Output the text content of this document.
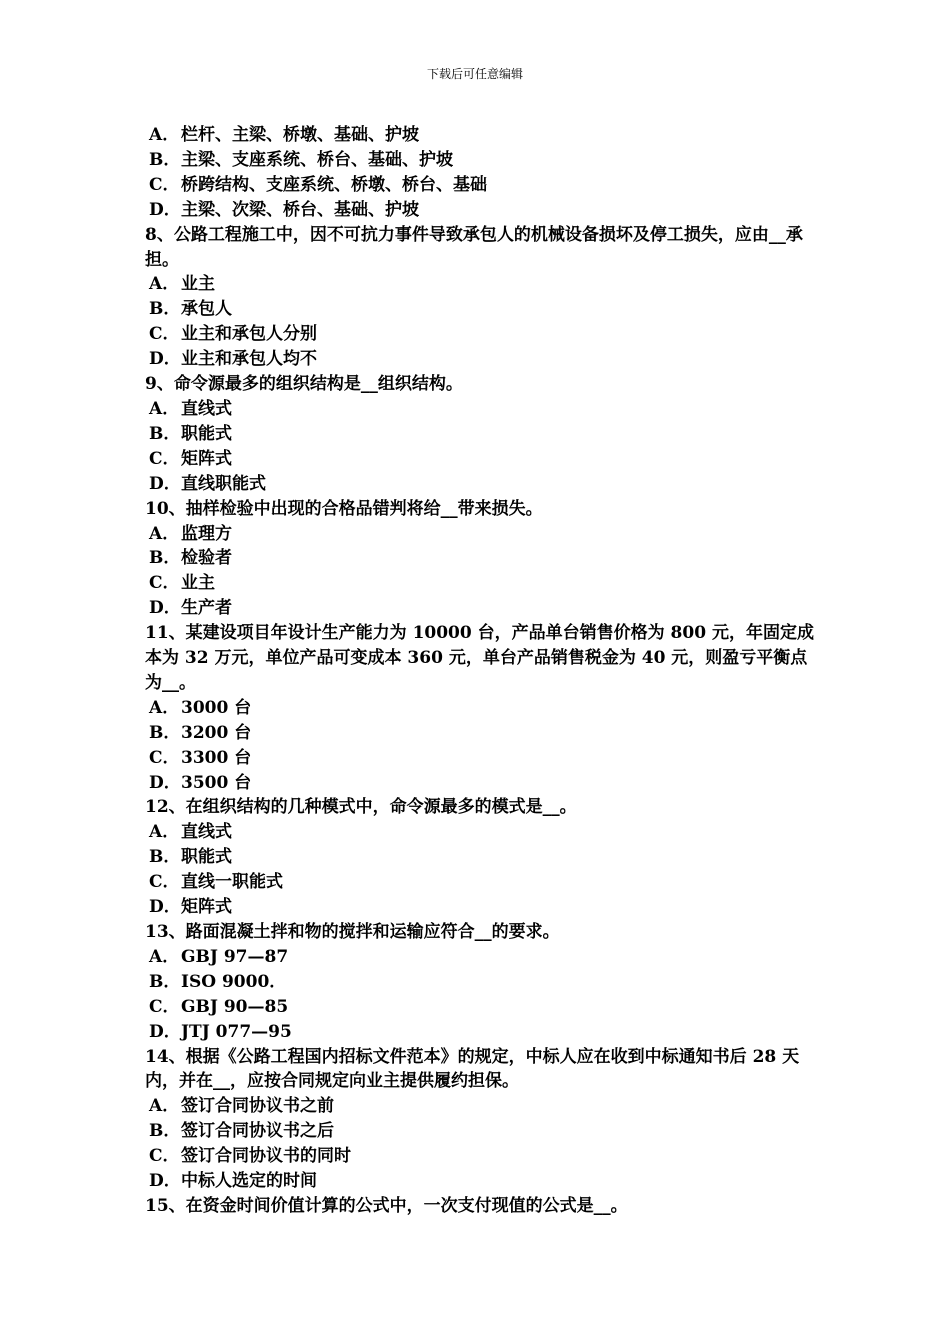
下载后可任意编辑

A． 栏杆、主梁、桥墩、基础、护坡

B．主梁、支座系统、桥台、基础、护坡

C．桥跨结构、支座系统、桥墩、桥台、基础

D．主梁、次梁、桥台、基础、护坡

8、公路工程施工中，因不可抗力事件导致承包人的机械设备损坏及停工损失，应由__承担。

A． 业主

B．承包人

C．业主和承包人分别

D．业主和承包人均不

9、命令源最多的组织结构是__组织结构。

A． 直线式

B．职能式

C．矩阵式

D．直线职能式

10、抽样检验中出现的合格品错判将给__带来损失。

A． 监理方

B．检验者

C．业主

D．生产者

11、某建设项目年设计生产能力为 10000 台，产品单台销售价格为 800 元，年固定成本为 32 万元，单位产品可变成本 360 元，单台产品销售税金为 40 元，则盈亏平衡点为__。

A． 3000 台

B．3200 台

C．3300 台

D．3500 台

12、在组织结构的几种模式中，命令源最多的模式是__。

A． 直线式

B．职能式

C．直线一职能式

D．矩阵式

13、路面混凝土拌和物的搅拌和运输应符合__的要求。

A． GBJ 97—87

B．ISO 9000．

C．GBJ 90—85

D．JTJ 077—95

14、根据《公路工程国内招标文件范本》的规定，中标人应在收到中标通知书后 28 天内，并在__，应按合同规定向业主提供履约担保。

A． 签订合同协议书之前

B．签订合同协议书之后

C．签订合同协议书的同时

D．中标人选定的时间

15、在资金时间价值计算的公式中，一次支付现值的公式是__。
